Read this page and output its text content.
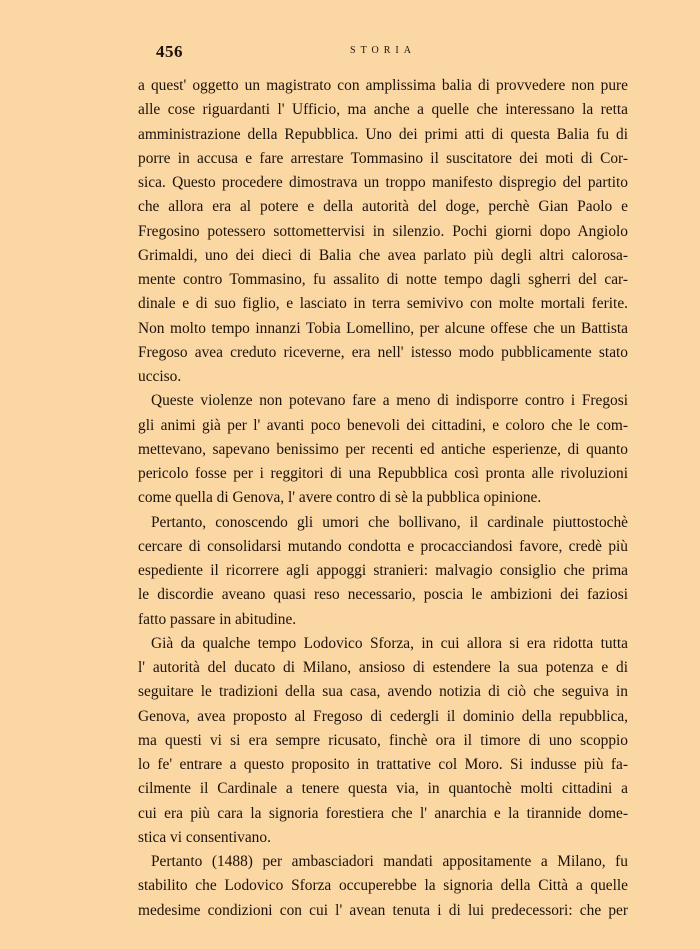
456	STORIA
a quest' oggetto un magistrato con amplissima balia di provvedere non pure
alle cose riguardanti l' Ufficio, ma anche a quelle che interessano la retta
amministrazione della Repubblica. Uno dei primi atti di questa Balia fu di
porre in accusa e fare arrestare Tommasino il suscitatore dei moti di Cor-
sica. Questo procedere dimostrava un troppo manifesto dispregio del partito
che allora era al potere e della autorità del doge, perchè Gian Paolo e
Fregosino potessero sottomettervisi in silenzio. Pochi giorni dopo Angiolo
Grimaldi, uno dei dieci di Balia che avea parlato più degli altri calorosa-
mente contro Tommasino, fu assalito di notte tempo dagli sgherri del car-
dinale e di suo figlio, e lasciato in terra semivivo con molte mortali ferite.
Non molto tempo innanzi Tobia Lomellino, per alcune offese che un Battista
Fregoso avea creduto riceverne, era nell' istesso modo pubblicamente stato
ucciso.
Queste violenze non potevano fare a meno di indisporre contro i Fregosi
gli animi già per l' avanti poco benevoli dei cittadini, e coloro che le com-
mettevano, sapevano benissimo per recenti ed antiche esperienze, di quanto
pericolo fosse per i reggitori di una Repubblica così pronta alle rivoluzioni
come quella di Genova, l' avere contro di sè la pubblica opinione.
Pertanto, conoscendo gli umori che bollivano, il cardinale piuttostochè
cercare di consolidarsi mutando condotta e procacciandosi favore, credè più
espediente il ricorrere agli appoggi stranieri: malvagio consiglio che prima
le discordie aveano quasi reso necessario, poscia le ambizioni dei faziosi
fatto passare in abitudine.
Già da qualche tempo Lodovico Sforza, in cui allora si era ridotta tutta
l' autorità del ducato di Milano, ansioso di estendere la sua potenza e di
seguitare le tradizioni della sua casa, avendo notizia di ciò che seguiva in
Genova, avea proposto al Fregoso di cedergli il dominio della repubblica,
ma questi vi si era sempre ricusato, finchè ora il timore di uno scoppio
lo fe' entrare a questo proposito in trattative col Moro. Si indusse più fa-
cilmente il Cardinale a tenere questa via, in quantochè molti cittadini a
cui era più cara la signoria forestiera che l' anarchia e la tirannide dome-
stica vi consentivano.
Pertanto (1488) per ambasciadori mandati appositamente a Milano, fu
stabilito che Lodovico Sforza occuperebbe la signoria della Città a quelle
medesime condizioni con cui l' avean tenuta i di lui predecessori: che per
